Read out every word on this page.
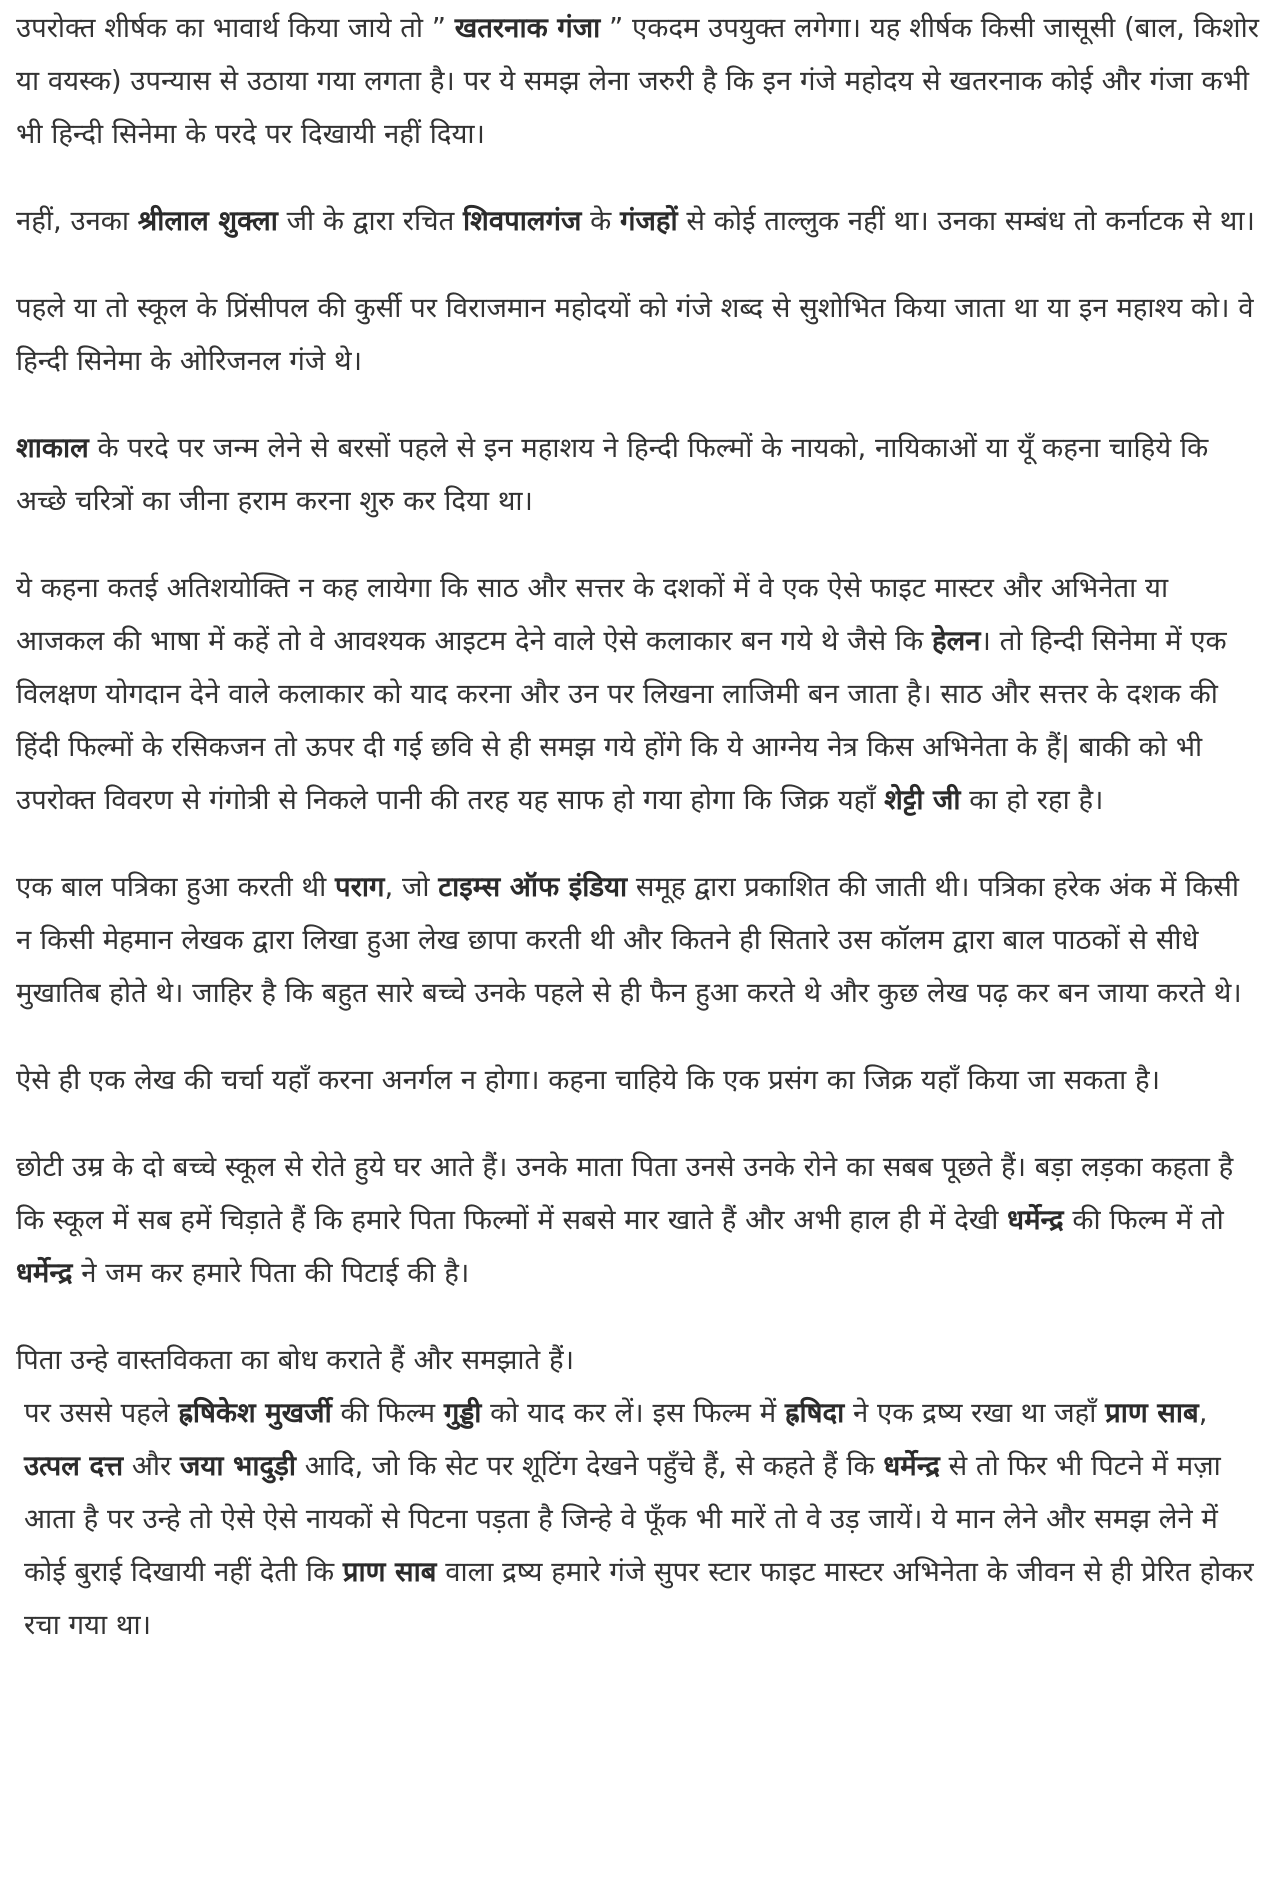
उपरोक्त शीर्षक का भावार्थ किया जाये तो ” खतरनाक गंजा ” एकदम उपयुक्त लगेगा। यह शीर्षक किसी जासूसी (बाल, किशोर या वयस्क) उपन्यास से उठाया गया लगता है। पर ये समझ लेना जरुरी है कि इन गंजे महोदय से खतरनाक कोई और गंजा कभी भी हिन्दी सिनेमा के परदे पर दिखायी नहीं दिया।

नहीं, उनका श्रीलाल शुक्ला जी के द्वारा रचित शिवपालगंज के गंजहों से कोई ताल्लुक नहीं था। उनका सम्बंध तो कर्नाटक से था।

पहले या तो स्कूल के प्रिंसीपल की कुर्सी पर विराजमान महोदयों को गंजे शब्द से सुशोभित किया जाता था या इन महाश्य को। वे हिन्दी सिनेमा के ओरिजनल गंजे थे।

शाकाल के परदे पर जन्म लेने से बरसों पहले से इन महाशय ने हिन्दी फिल्मों के नायको, नायिकाओं या यूँ कहना चाहिये कि अच्छे चरित्रों का जीना हराम करना शुरु कर दिया था।

ये कहना कतई अतिशयोक्ति न कह लायेगा कि साठ और सत्तर के दशकों में वे एक ऐसे फाइट मास्टर और अभिनेता या आजकल की भाषा में कहें तो वे आवश्यक आइटम देने वाले ऐसे कलाकार बन गये थे जैसे कि हेलन। तो हिन्दी सिनेमा में एक विलक्षण योगदान देने वाले कलाकार को याद करना और उन पर लिखना लाजिमी बन जाता है। साठ और सत्तर के दशक की हिंदी फिल्मों के रसिकजन तो ऊपर दी गई छवि से ही समझ गये होंगे कि ये आग्नेय नेत्र किस अभिनेता के हैं| बाकी को भी उपरोक्त विवरण से गंगोत्री से निकले पानी की तरह यह साफ हो गया होगा कि जिक्र यहाँ शेट्टी जी का हो रहा है।

एक बाल पत्रिका हुआ करती थी पराग, जो टाइम्स ऑफ इंडिया समूह द्वारा प्रकाशित की जाती थी। पत्रिका हरेक अंक में किसी न किसी मेहमान लेखक द्वारा लिखा हुआ लेख छापा करती थी और कितने ही सितारे उस कॉलम द्वारा बाल पाठकों से सीधे मुखातिब होते थे। जाहिर है कि बहुत सारे बच्चे उनके पहले से ही फैन हुआ करते थे और कुछ लेख पढ़ कर बन जाया करते थे।

ऐसे ही एक लेख की चर्चा यहाँ करना अनर्गल न होगा। कहना चाहिये कि एक प्रसंग का जिक्र यहाँ किया जा सकता है।

छोटी उम्र के दो बच्चे स्कूल से रोते हुये घर आते हैं। उनके माता पिता उनसे उनके रोने का सबब पूछते हैं। बड़ा लड़का कहता है कि स्कूल में सब हमें चिड़ाते हैं कि हमारे पिता फिल्मों में सबसे मार खाते हैं और अभी हाल ही में देखी धर्मेन्द्र की फिल्म में तो धर्मेन्द्र ने जम कर हमारे पिता की पिटाई की है।

पिता उन्हे वास्तविकता का बोध कराते हैं और समझाते हैं।

पर उससे पहले ह्रषिकेश मुखर्जी की फिल्म गुड्डी को याद कर लें। इस फिल्म में ह्रषिदा ने एक द्रष्य रखा था जहाँ प्राण साब, उत्पल दत्त और जया भादुड़ी आदि, जो कि सेट पर शूटिंग देखने पहुँचे हैं, से कहते हैं कि धर्मेन्द्र से तो फिर भी पिटने में मज़ा आता है पर उन्हे तो ऐसे ऐसे नायकों से पिटना पड़ता है जिन्हे वे फूँक भी मारें तो वे उड़ जायें। ये मान लेने और समझ लेने में कोई बुराई दिखायी नहीं देती कि प्राण साब वाला द्रष्य हमारे गंजे सुपर स्टार फाइट मास्टर अभिनेता के जीवन से ही प्रेरित होकर रचा गया था।
